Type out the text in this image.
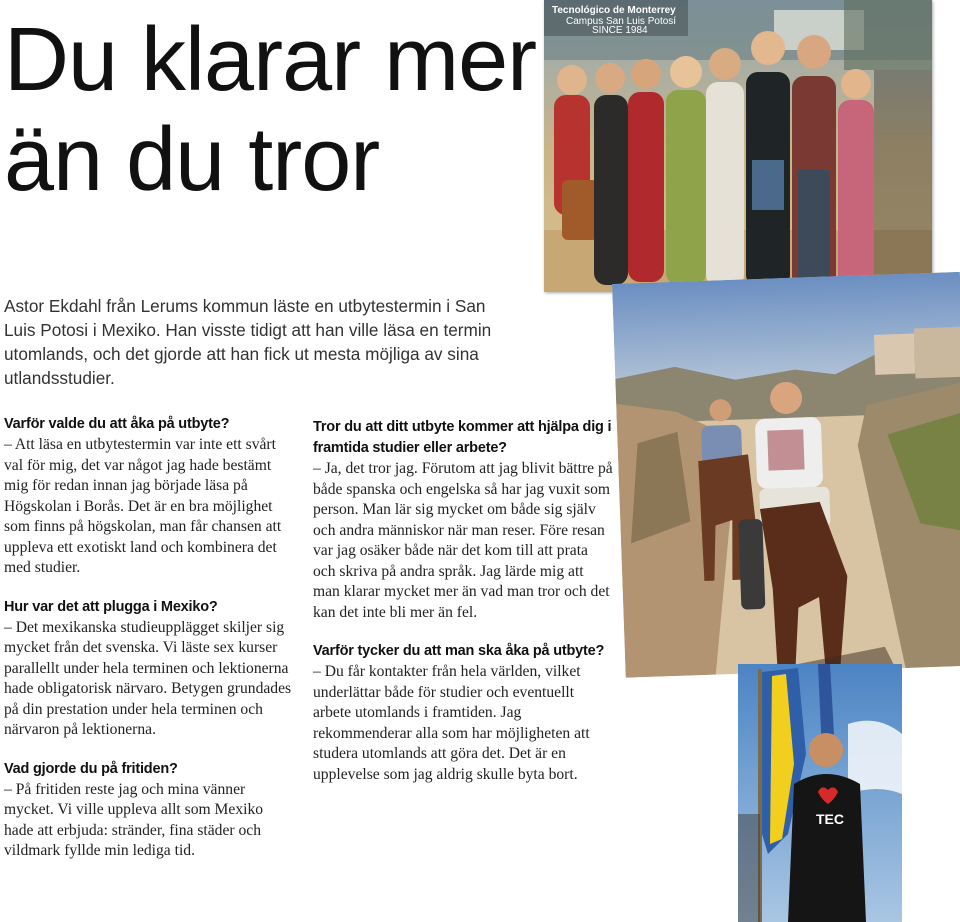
Du klarar mer
än du tror

Astor Ekdahl från Lerums kommun läste en utbytestermin i San Luis Potosi i Mexiko. Han visste tidigt att han ville läsa en termin utomlands, och det gjorde att han fick ut mesta möjliga av sina utlandsstudier.

Varför valde du att åka på utbyte?

– Att läsa en utbytestermin var inte ett svårt val för mig, det var något jag hade bestämt mig för redan innan jag började läsa på Högskolan i Borås. Det är en bra möjlighet som finns på högskolan, man får chansen att uppleva ett exotiskt land och kombinera det med studier.

Hur var det att plugga i Mexiko?

– Det mexikanska studieupplägget skiljer sig mycket från det svenska. Vi läste sex kurser parallellt under hela terminen och lektionerna hade obligatorisk närvaro. Betygen grundades på din prestation under hela terminen och närvaron på lektionerna.

Vad gjorde du på fritiden?

– På fritiden reste jag och mina vänner mycket. Vi ville uppleva allt som Mexiko hade att erbjuda: stränder, fina städer och vildmark fyllde min lediga tid.

Tror du att ditt utbyte kommer att hjälpa dig i framtida studier eller arbete?

– Ja, det tror jag. Förutom att jag blivit bättre på både spanska och engelska så har jag vuxit som person. Man lär sig mycket om både sig själv och andra människor när man reser. Före resan var jag osäker både när det kom till att prata och skriva på andra språk. Jag lärde mig att man klarar mycket mer än vad man tror och det kan det inte bli mer än fel.

Varför tycker du att man ska åka på utbyte?

– Du får kontakter från hela världen, vilket underlättar både för studier och eventuellt arbete utomlands i framtiden. Jag rekommenderar alla som har möjligheten att studera utomlands att göra det. Det är en upplevelse som jag aldrig skulle byta bort.

Tecnológico de Monterrey
Campus San Luis Potosí
SINCE 1984
TEC
